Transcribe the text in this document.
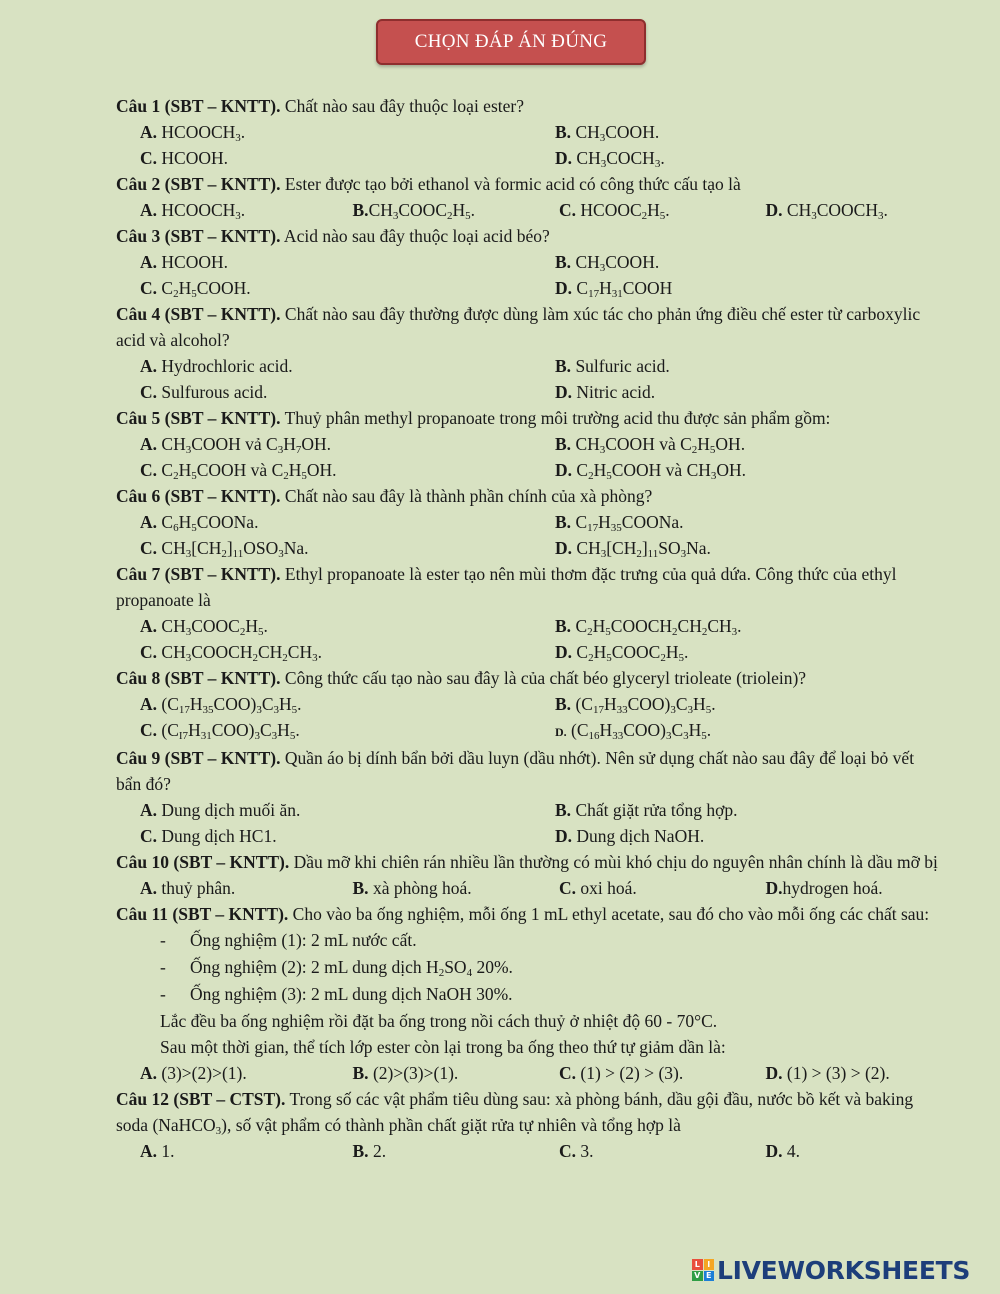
CHỌN ĐÁP ÁN ĐÚNG
Câu 1 (SBT – KNTT). Chất nào sau đây thuộc loại ester?
A. $HCOOCH_3$.	B. $CH_3COOH$.
C. HCOOH.	D. $CH_3COCH_3$.
Câu 2 (SBT – KNTT). Ester được tạo bởi ethanol và formic acid có công thức cấu tạo là
A. $HCOOCH_3$.	$B.CH_3COOC_2H_5$.	C. $HCOOC_2H_5$.	D. $CH_3COOCH_3$.
Câu 3 (SBT – KNTT). Acid nào sau đây thuộc loại acid béo?
A. HCOOH.	B. $CH_3COOH$.
C. $C_2H_5COOH$.	D. $C_{17}H_{31}COOH$
Câu 4 (SBT – KNTT). Chất nào sau đây thường được dùng làm xúc tác cho phản ứng điều chế ester từ carboxylic acid và alcohol?
A. Hydrochloric acid.	B. Sulfuric acid.
C. Sulfurous acid.	D. Nitric acid.
Câu 5 (SBT – KNTT). Thuỷ phân methyl propanoate trong môi trường acid thu được sản phẩm gồm:
A. $CH_3COOH$ vả $C_3H_7OH$.	B. $CH_3COOH$ và $C_2H_5OH$.
C. $C_2H_5COOH$ và $C_2H_5OH$.	D. $C_2H_5COOH$ và $CH_3OH$.
Câu 6 (SBT – KNTT). Chất nào sau đây là thành phần chính của xà phòng?
A. $C_6H_5COONa$.	B. $C_{17}H_{35}COONa$.
C. $CH_3[CH_2]_{11}OSO_3Na$.	D. $CH_3[CH_2]_{11}SO_3Na$.
Câu 7 (SBT – KNTT). Ethyl propanoate là ester tạo nên mùi thơm đặc trưng của quả dứa. Công thức của ethyl propanoate là
A. $CH_3COOC_2H_5$.	B. $C_2H_5COOCH_2CH_2CH_3$.
C. $CH_3COOCH_2CH_2CH_3$.	D. $C_2H_5COOC_2H_5$.
Câu 8 (SBT – KNTT). Công thức cấu tạo nào sau đây là của chất béo glyceryl trioleate (triolein)?
A. $(C_{17}H_{35}COO)_3C_3H_5$.	B. $(C_{17}H_{33}COO)_3C_3H_5$.
C. $(C_{I7}H_{31}COO)_3C_3H_5$.	D. $(C_{16}H_{33}COO)_3C_3H_5$.
Câu 9 (SBT – KNTT). Quần áo bị dính bẩn bởi dầu luyn (dầu nhớt). Nên sử dụng chất nào sau đây để loại bỏ vết bẩn đó?
A. Dung dịch muối ăn.	B. Chất giặt rửa tổng hợp.
C. Dung dịch HC1.	D. Dung dịch NaOH.
Câu 10 (SBT – KNTT). Dầu mỡ khi chiên rán nhiều lần thường có mùi khó chịu do nguyên nhân chính là dầu mỡ bị
A. thuỷ phân.	B. xà phòng hoá.	C. oxi hoá.	D.hydrogen hoá.
Câu 11 (SBT – KNTT). Cho vào ba ống nghiệm, mỗi ống 1 mL ethyl acetate, sau đó cho vào mỗi ống các chất sau:
-	Ống nghiệm (1): 2 mL nước cất.
-	Ống nghiệm (2): 2 mL dung dịch $H_2SO_4$ 20%.
-	Ống nghiệm (3): 2 mL dung dịch NaOH 30%.
Lắc đều ba ống nghiệm rồi đặt ba ống trong nồi cách thuỷ ở nhiệt độ 60 - 70°C.
Sau một thời gian, thể tích lớp ester còn lại trong ba ống theo thứ tự giảm dần là:
A. (3)>(2)>(1).	B. (2)>(3)>(1).	C. (1) > (2) > (3).	D. (1) > (3) > (2).
Câu 12 (SBT – CTST). Trong số các vật phẩm tiêu dùng sau: xà phòng bánh, dầu gội đầu, nước bồ kết và baking soda (NaHCO$_3$), số vật phẩm có thành phần chất giặt rửa tự nhiên và tổng hợp là
A. 1.	B. 2.	C. 3.	D. 4.
L I
V E LIVEWORKSHEETS
